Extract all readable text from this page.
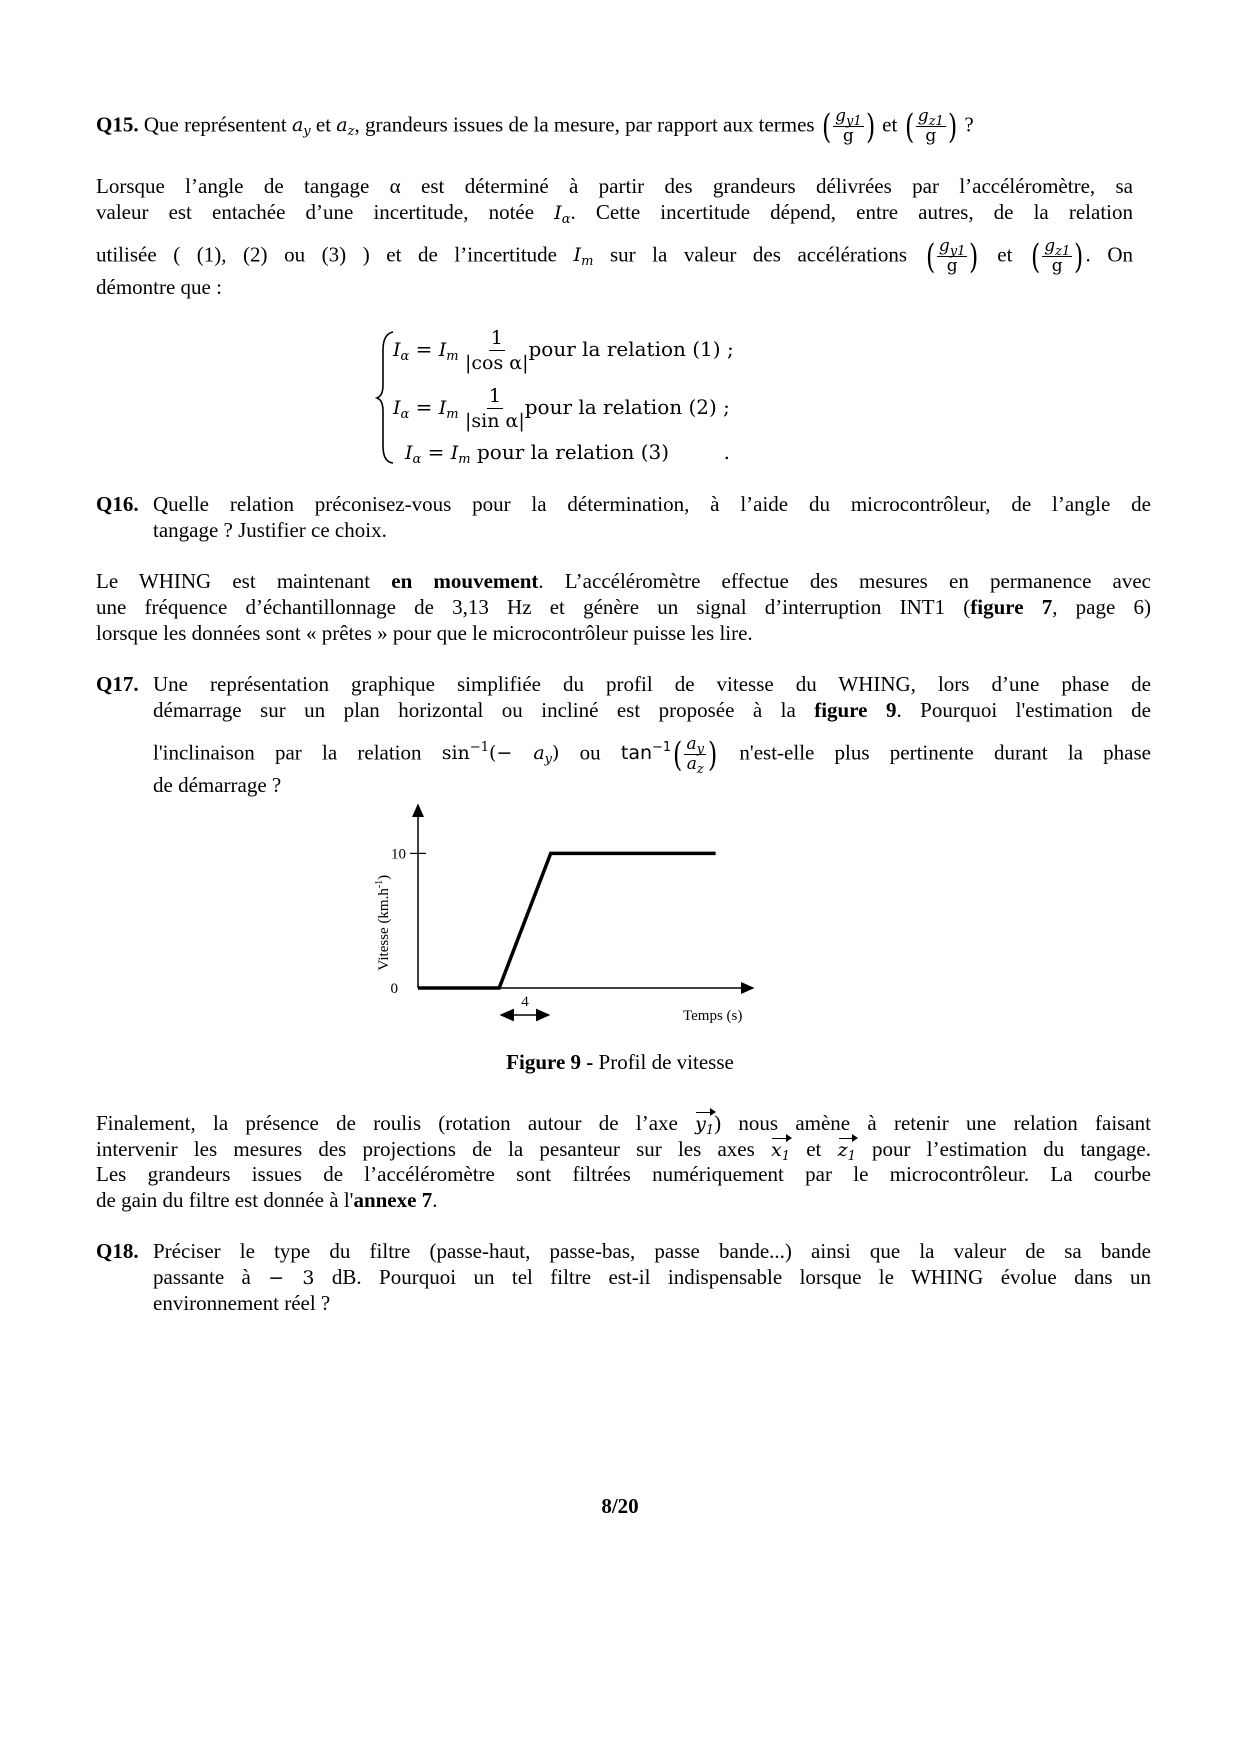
Q15. Que représentent $a_y$ et $a_z$, grandeurs issues de la mesure, par rapport aux termes ( $g_{y1}$
g ) et ( $g_{z1}$
g ) ?
Lorsque l’angle de tangage α est déterminé à partir des grandeurs délivrées par l’accéléromètre, sa
valeur est entachée d’une incertitude, notée $I_\alpha$. Cette incertitude dépend, entre autres, de la relation
utilisée ( (1), (2) ou (3) ) et de l’incertitude $I_m$ sur la valeur des accélérations ( $g_{y1}$
g ) et ( $g_{z1}$
g ) . On
démontre que :
$I_\alpha = I_m \frac{1}{\text{|cos α|}}$ pour la relation (1) ;
$I_\alpha = I_m \frac{1}{\text{|sin α|}}$ pour la relation (2) ;
$I_\alpha = I_m$ pour la relation (3)	.
Q16. Quelle relation préconisez-vous pour la détermination, à l’aide du microcontrôleur, de l’angle de
tangage ? Justifier ce choix.
Le WHING est maintenant en mouvement. L’accéléromètre effectue des mesures en permanence avec
une fréquence d’échantillonnage de 3,13 Hz et génère un signal d’interruption INT1 (figure 7, page 6)
lorsque les données sont « prêtes » pour que le microcontrôleur puisse les lire.
Q17. Une représentation graphique simplifiée du profil de vitesse du WHING, lors d’une phase de
démarrage sur un plan horizontal ou incliné est proposée à la figure 9. Pourquoi l'estimation de
l'inclinaison par la relation $\sin^{-1}(- a_y)$ ou $\tan^{-1}$ ( $a_y$
$a_z$ ) n'est-elle plus pertinente durant la phase
de démarrage ?
0
10
Vitesse $(km.h^{-1})$
Temps (s)
4
Figure 9 - Profil de vitesse
Finalement, la présence de roulis (rotation autour de l’axe $y_1$) nous amène à retenir une relation faisant
intervenir les mesures des projections de la pesanteur sur les axes $x_1$ et $z_1$ pour l’estimation du tangage.
Les grandeurs issues de l’accéléromètre sont filtrées numériquement par le microcontrôleur. La courbe
de gain du filtre est donnée à l'annexe 7.
Q18. Préciser le type du filtre (passe-haut, passe-bas, passe bande...) ainsi que la valeur de sa bande
passante à − 3 dB. Pourquoi un tel filtre est-il indispensable lorsque le WHING évolue dans un
environnement réel ?
8/20
